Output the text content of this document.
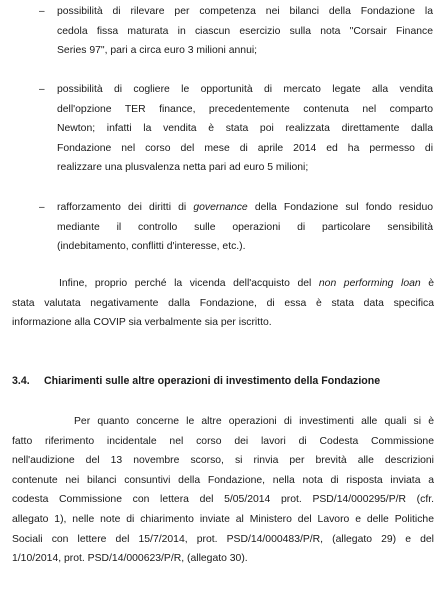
– possibilità di rilevare per competenza nei bilanci della Fondazione la
cedola fissa maturata in ciascun esercizio sulla nota "Corsair Finance
Series 97", pari a circa euro 3 milioni annui;
– possibilità di cogliere le opportunità di mercato legate alla vendita
dell'opzione TER finance, precedentemente contenuta nel comparto
Newton; infatti la vendita è stata poi realizzata direttamente dalla
Fondazione nel corso del mese di aprile 2014 ed ha permesso di
realizzare una plusvalenza netta pari ad euro 5 milioni;
– rafforzamento dei diritti di governance della Fondazione sul fondo residuo
mediante il controllo sulle operazioni di particolare sensibilità
(indebitamento, conflitti d'interesse, etc.).
Infine, proprio perché la vicenda dell'acquisto del non performing loan è
stata valutata negativamente dalla Fondazione, di essa è stata data specifica
informazione alla COVIP sia verbalmente sia per iscritto.
3.4. Chiarimenti sulle altre operazioni di investimento della Fondazione
Per quanto concerne le altre operazioni di investimenti alle quali si è
fatto riferimento incidentale nel corso dei lavori di Codesta Commissione
nell'audizione del 13 novembre scorso, si rinvia per brevità alle descrizioni
contenute nei bilanci consuntivi della Fondazione, nella nota di risposta inviata a
codesta Commissione con lettera del 5/05/2014 prot. PSD/14/000295/P/R (cfr.
allegato 1), nelle note di chiarimento inviate al Ministero del Lavoro e delle Politiche
Sociali con lettere del 15/7/2014, prot. PSD/14/000483/P/R, (allegato 29) e del
1/10/2014, prot. PSD/14/000623/P/R, (allegato 30).
